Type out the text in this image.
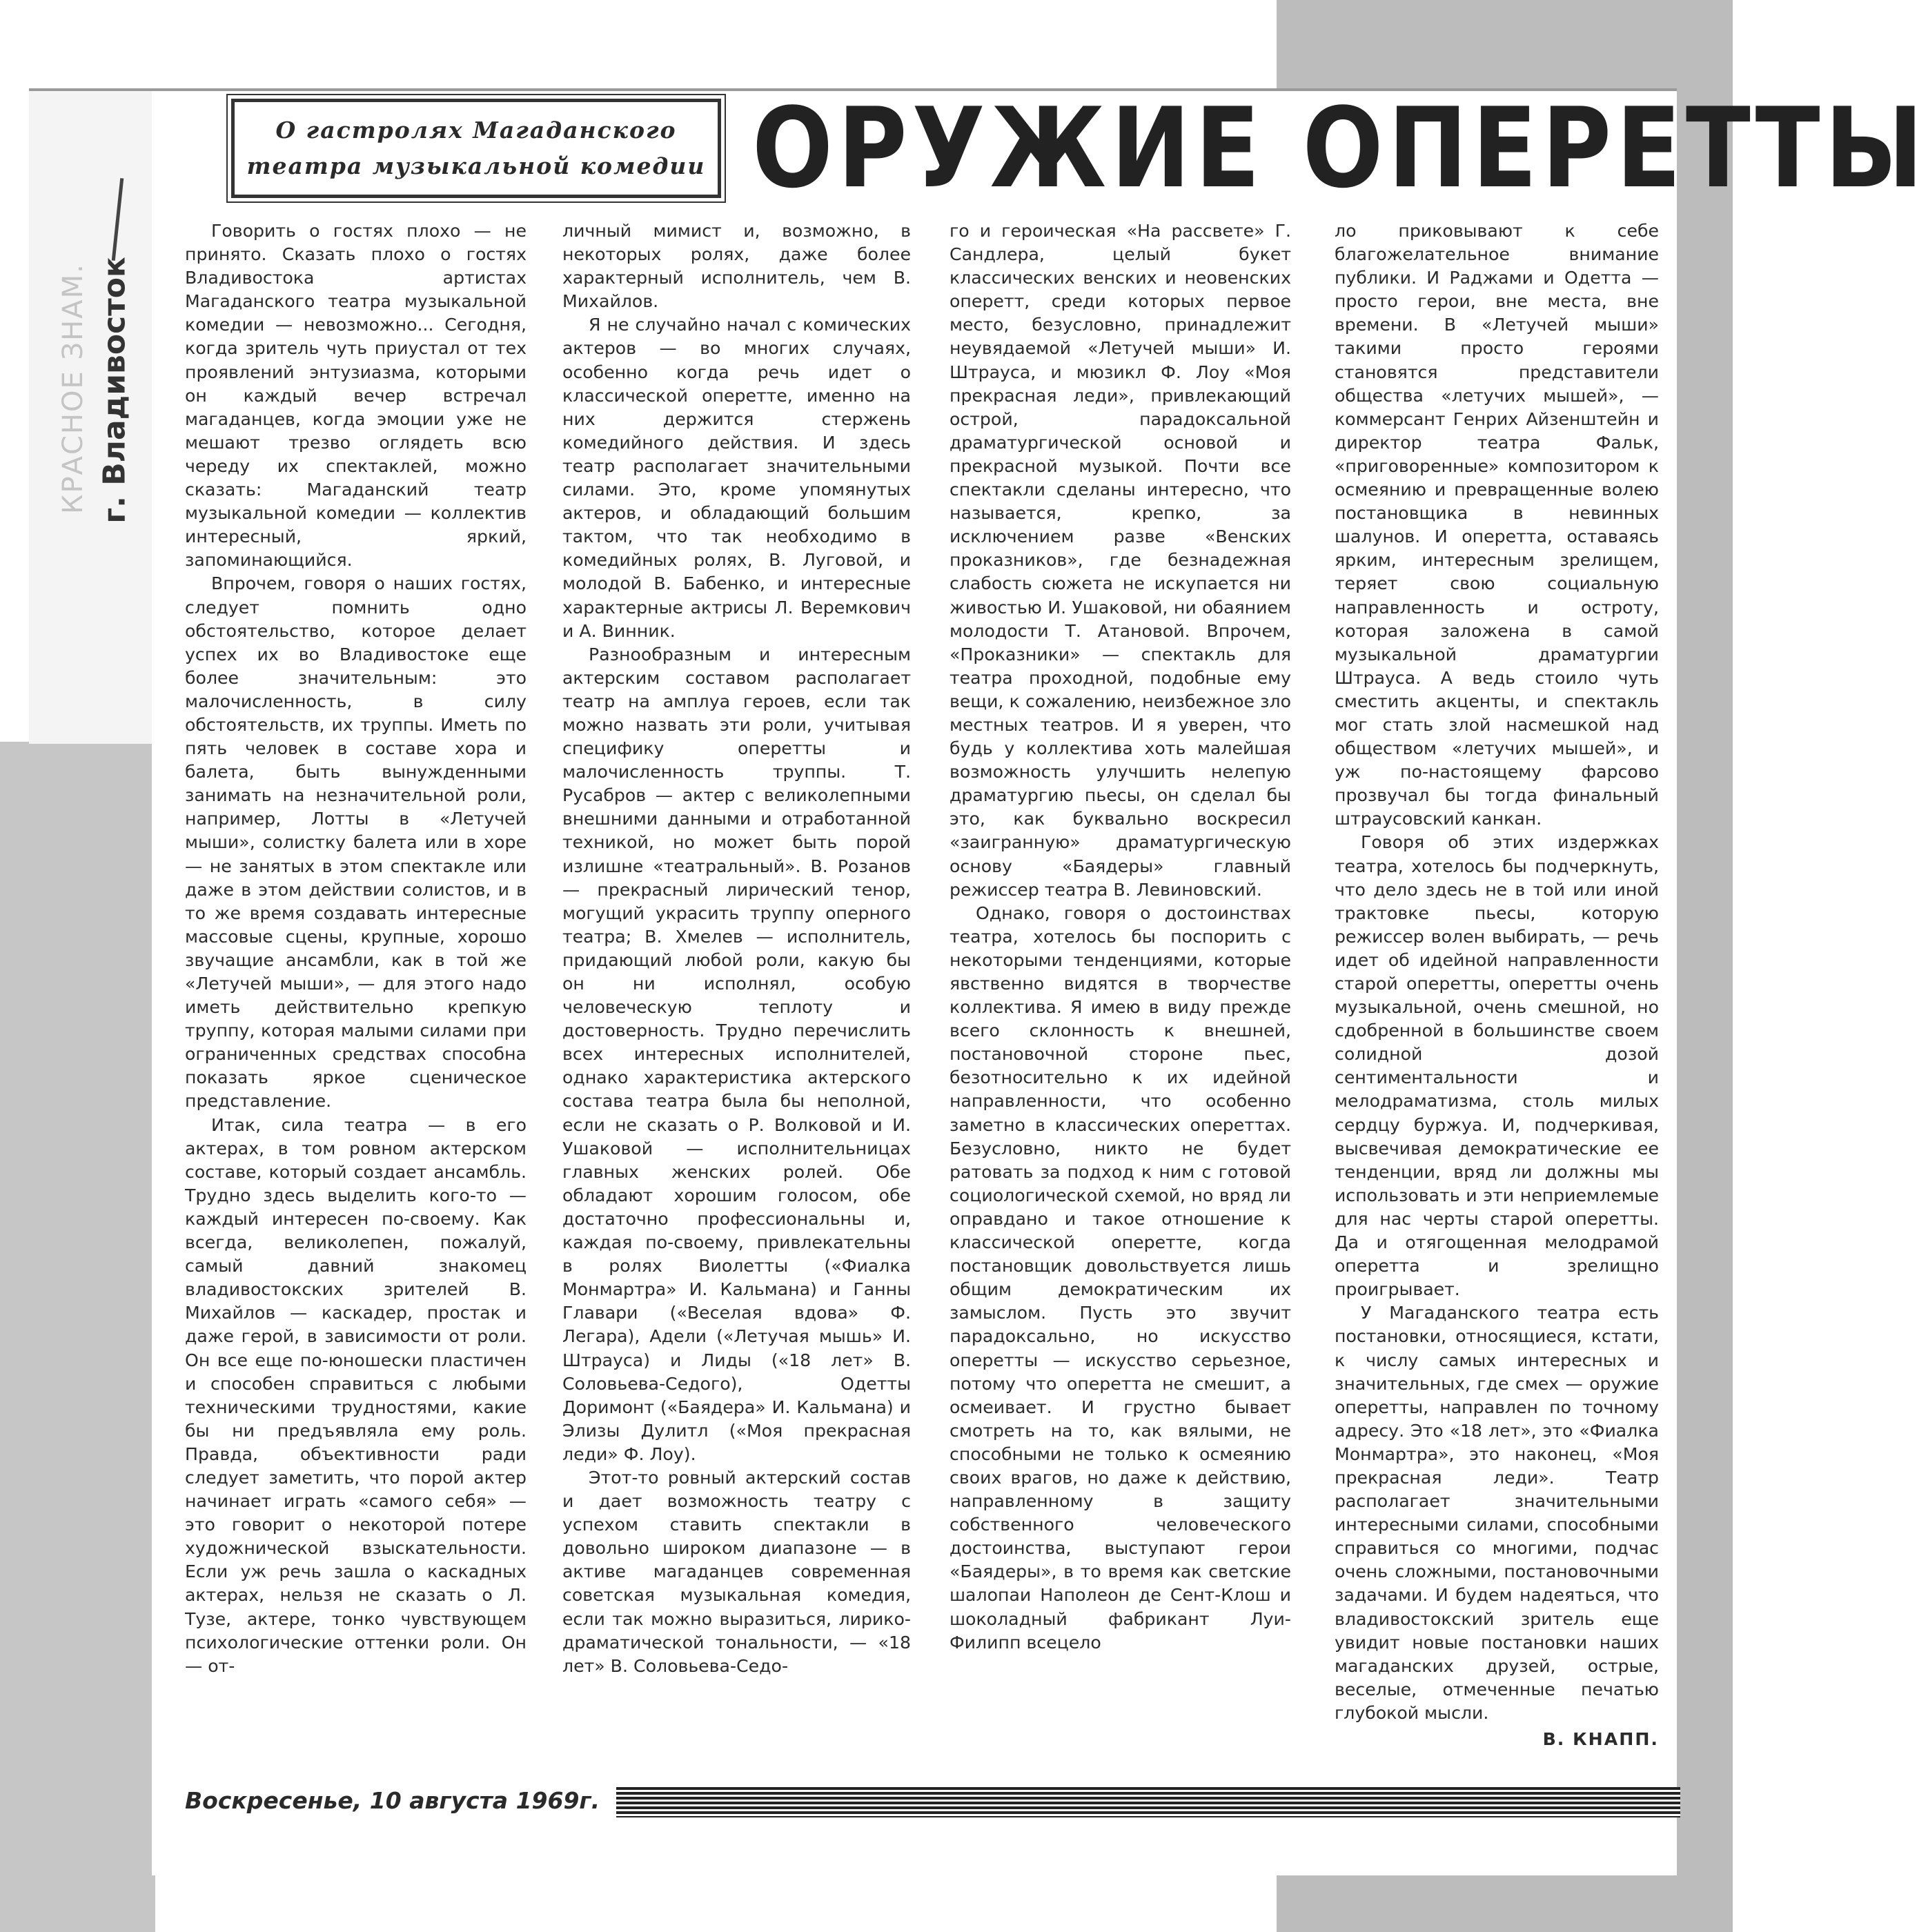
КРАСНОЕ ЗНАМ. г. Владивосток
О гастролях Магаданского
театра музыкальной комедии ОРУЖИЕ ОПЕРЕТТЫ

Говорить о гостях плохо — не принято. Сказать плохо о гостях Владивостока артистах Магаданского театра музыкальной комедии — невозможно... Сегодня, когда зритель чуть приустал от тех проявлений энтузиазма, которыми он каждый вечер встречал магаданцев, когда эмоции уже не мешают трезво оглядеть всю череду их спектаклей, можно сказать: Магаданский театр музыкальной комедии — коллектив интересный, яркий, запоминающийся.

Впрочем, говоря о наших гостях, следует помнить одно обстоятельство, которое делает успех их во Владивостоке еще более значительным: это малочисленность, в силу обстоятельств, их труппы. Иметь по пять человек в составе хора и балета, быть вынужденными занимать на незначительной роли, например, Лотты в «Летучей мыши», солистку балета или в хоре — не занятых в этом спектакле или даже в этом действии солистов, и в то же время создавать интересные массовые сцены, крупные, хорошо звучащие ансамбли, как в той же «Летучей мыши», — для этого надо иметь действительно крепкую труппу, которая малыми силами при ограниченных средствах способна показать яркое сценическое представление.

Итак, сила театра — в его актерах, в том ровном актерском составе, который создает ансамбль. Трудно здесь выделить кого-то — каждый интересен по-своему. Как всегда, великолепен, пожалуй, самый давний знакомец владивостокских зрителей В. Михайлов — каскадер, простак и даже герой, в зависимости от роли. Он все еще по-юношески пластичен и способен справиться с любыми техническими трудностями, какие бы ни предъявляла ему роль. Правда, объективности ради следует заметить, что порой актер начинает играть «самого себя» — это говорит о некоторой потере художнической взыскательности. Если уж речь зашла о каскадных актерах, нельзя не сказать о Л. Тузе, актере, тонко чувствующем психологические оттенки роли. Он — от-

личный мимист и, возможно, в некоторых ролях, даже более характерный исполнитель, чем В. Михайлов.

Я не случайно начал с комических актеров — во многих случаях, особенно когда речь идет о классической оперетте, именно на них держится стержень комедийного действия. И здесь театр располагает значительными силами. Это, кроме упомянутых актеров, и обладающий большим тактом, что так необходимо в комедийных ролях, В. Луговой, и молодой В. Бабенко, и интересные характерные актрисы Л. Веремкович и А. Винник.

Разнообразным и интересным актерским составом располагает театр на амплуа героев, если так можно назвать эти роли, учитывая специфику оперетты и малочисленность труппы. Т. Русабров — актер с великолепными внешними данными и отработанной техникой, но может быть порой излишне «театральный». В. Розанов — прекрасный лирический тенор, могущий украсить труппу оперного театра; В. Хмелев — исполнитель, придающий любой роли, какую бы он ни исполнял, особую человеческую теплоту и достоверность. Трудно перечислить всех интересных исполнителей, однако характеристика актерского состава театра была бы неполной, если не сказать о Р. Волковой и И. Ушаковой — исполнительницах главных женских ролей. Обе обладают хорошим голосом, обе достаточно профессиональны и, каждая по-своему, привлекательны в ролях Виолетты («Фиалка Монмартра» И. Кальмана) и Ганны Главари («Веселая вдова» Ф. Легара), Адели («Летучая мышь» И. Штрауса) и Лиды («18 лет» В. Соловьева-Седого), Одетты Доримонт («Баядера» И. Кальмана) и Элизы Дулитл («Моя прекрасная леди» Ф. Лоу).

Этот-то ровный актерский состав и дает возможность театру с успехом ставить спектакли в довольно широком диапазоне — в активе магаданцев современная советская музыкальная комедия, если так можно выразиться, лирико-драматической тональности, — «18 лет» В. Соловьева-Седо-

го и героическая «На рассвете» Г. Сандлера, целый букет классических венских и неовенских оперетт, среди которых первое место, безусловно, принадлежит неувядаемой «Летучей мыши» И. Штрауса, и мюзикл Ф. Лоу «Моя прекрасная леди», привлекающий острой, парадоксальной драматургической основой и прекрасной музыкой. Почти все спектакли сделаны интересно, что называется, крепко, за исключением разве «Венских проказников», где безнадежная слабость сюжета не искупается ни живостью И. Ушаковой, ни обаянием молодости Т. Атановой. Впрочем, «Проказники» — спектакль для театра проходной, подобные ему вещи, к сожалению, неизбежное зло местных театров. И я уверен, что будь у коллектива хоть малейшая возможность улучшить нелепую драматургию пьесы, он сделал бы это, как буквально воскресил «заигранную» драматургическую основу «Баядеры» главный режиссер театра В. Левиновский.

Однако, говоря о достоинствах театра, хотелось бы поспорить с некоторыми тенденциями, которые явственно видятся в творчестве коллектива. Я имею в виду прежде всего склонность к внешней, постановочной стороне пьес, безотносительно к их идейной направленности, что особенно заметно в классических опереттах. Безусловно, никто не будет ратовать за подход к ним с готовой социологической схемой, но вряд ли оправдано и такое отношение к классической оперетте, когда постановщик довольствуется лишь общим демократическим их замыслом. Пусть это звучит парадоксально, но искусство оперетты — искусство серьезное, потому что оперетта не смешит, а осмеивает. И грустно бывает смотреть на то, как вялыми, не способными не только к осмеянию своих врагов, но даже к действию, направленному в защиту собственного человеческого достоинства, выступают герои «Баядеры», в то время как светские шалопаи Наполеон де Сент-Клош и шоколадный фабрикант Луи-Филипп всецело

ло приковывают к себе благожелательное внимание публики. И Раджами и Одетта — просто герои, вне места, вне времени. В «Летучей мыши» такими просто героями становятся представители общества «летучих мышей», — коммерсант Генрих Айзенштейн и директор театра Фальк, «приговоренные» композитором к осмеянию и превращенные волею постановщика в невинных шалунов. И оперетта, оставаясь ярким, интересным зрелищем, теряет свою социальную направленность и остроту, которая заложена в самой музыкальной драматургии Штрауса. А ведь стоило чуть сместить акценты, и спектакль мог стать злой насмешкой над обществом «летучих мышей», и уж по-настоящему фарсово прозвучал бы тогда финальный штраусовский канкан.

Говоря об этих издержках театра, хотелось бы подчеркнуть, что дело здесь не в той или иной трактовке пьесы, которую режиссер волен выбирать, — речь идет об идейной направленности старой оперетты, оперетты очень музыкальной, очень смешной, но сдобренной в большинстве своем солидной дозой сентиментальности и мелодраматизма, столь милых сердцу буржуа. И, подчеркивая, высвечивая демократические ее тенденции, вряд ли должны мы использовать и эти неприемлемые для нас черты старой оперетты. Да и отягощенная мелодрамой оперетта и зрелищно проигрывает.

У Магаданского театра есть постановки, относящиеся, кстати, к числу самых интересных и значительных, где смех — оружие оперетты, направлен по точному адресу. Это «18 лет», это «Фиалка Монмартра», это наконец, «Моя прекрасная леди». Театр располагает значительными интересными силами, способными справиться со многими, подчас очень сложными, постановочными задачами. И будем надеяться, что владивостокский зритель еще увидит новые постановки наших магаданских друзей, острые, веселые, отмеченные печатью глубокой мысли.

В. КНАПП.
Воскресенье, 10 августа 1969г.
